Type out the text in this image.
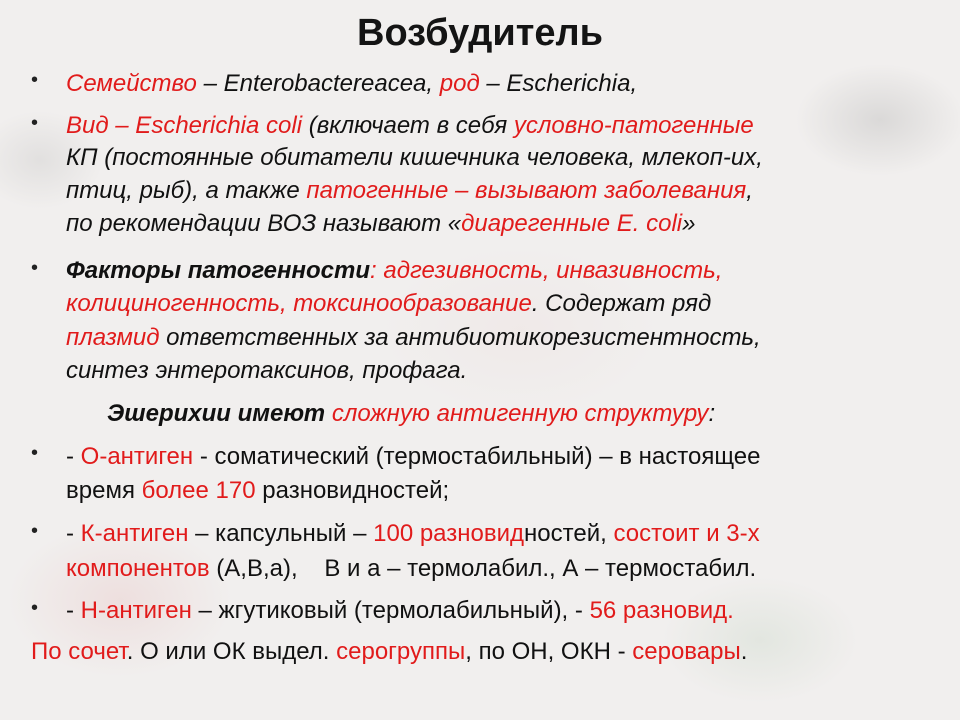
Возбудитель
• Семейство – Enterobactereacea, род – Escherichia,
• Вид – Escherichia coli (включает в себя условно-патогенные
КП (постоянные обитатели кишечника человека, млекоп-их,
птиц, рыб), а также патогенные – вызывают заболевания,
по рекомендации ВОЗ называют «диарегенные E. coli»
• Факторы патогенности: адгезивность, инвазивность,
колициногенность, токсинообразование. Содержат ряд
плазмид ответственных за антибиотикорезистентность,
синтез энтеротаксинов, профага.
Эшерихии имеют сложную антигенную структуру:
• - О-антиген - соматический (термостабильный) – в настоящее
время более 170 разновидностей;
• - К-антиген – капсульный – 100 разновидностей, состоит и 3-х
компонентов (А,В,а),    В и а – термолабил., А – термостабил.
• - Н-антиген – жгутиковый (термолабильный), - 56 разновид.
По сочет. О или ОК выдел. серогруппы, по ОН, ОКН - серовары.
